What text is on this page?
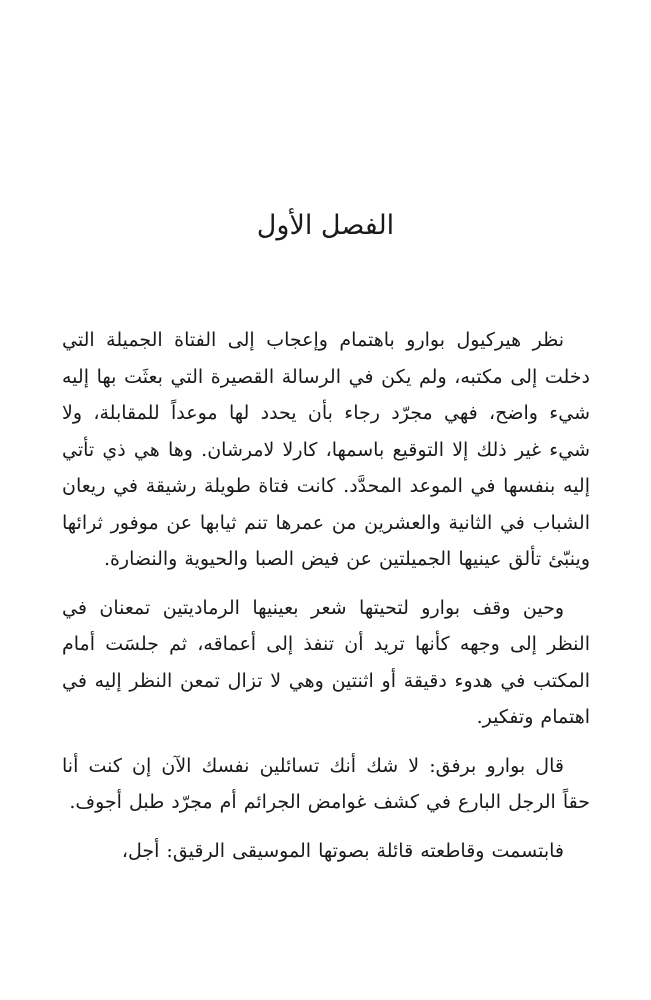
الفصل الأول

نظر هيركيول بوارو باهتمام وإعجاب إلى الفتاة الجميلة التي دخلت إلى مكتبه، ولم يكن في الرسالة القصيرة التي بعثَت بها إليه شيء واضح، فهي مجرّد رجاء بأن يحدد لها موعداً للمقابلة، ولا شيء غير ذلك إلا التوقيع باسمها، كارلا لامرشان. وها هي ذي تأتي إليه بنفسها في الموعد المحدَّد. كانت فتاة طويلة رشيقة في ريعان الشباب في الثانية والعشرين من عمرها تنم ثيابها عن موفور ثرائها وينبّئ تألق عينيها الجميلتين عن فيض الصبا والحيوية والنضارة.

وحين وقف بوارو لتحيتها شعر بعينيها الرماديتين تمعنان في النظر إلى وجهه كأنها تريد أن تنفذ إلى أعماقه، ثم جلسَت أمام المكتب في هدوء دقيقة أو اثنتين وهي لا تزال تمعن النظر إليه في اهتمام وتفكير.

قال بوارو برفق: لا شك أنك تسائلين نفسك الآن إن كنت أنا حقاً الرجل البارع في كشف غوامض الجرائم أم مجرّد طبل أجوف.

فابتسمت وقاطعته قائلة بصوتها الموسيقى الرقيق: أجل،
